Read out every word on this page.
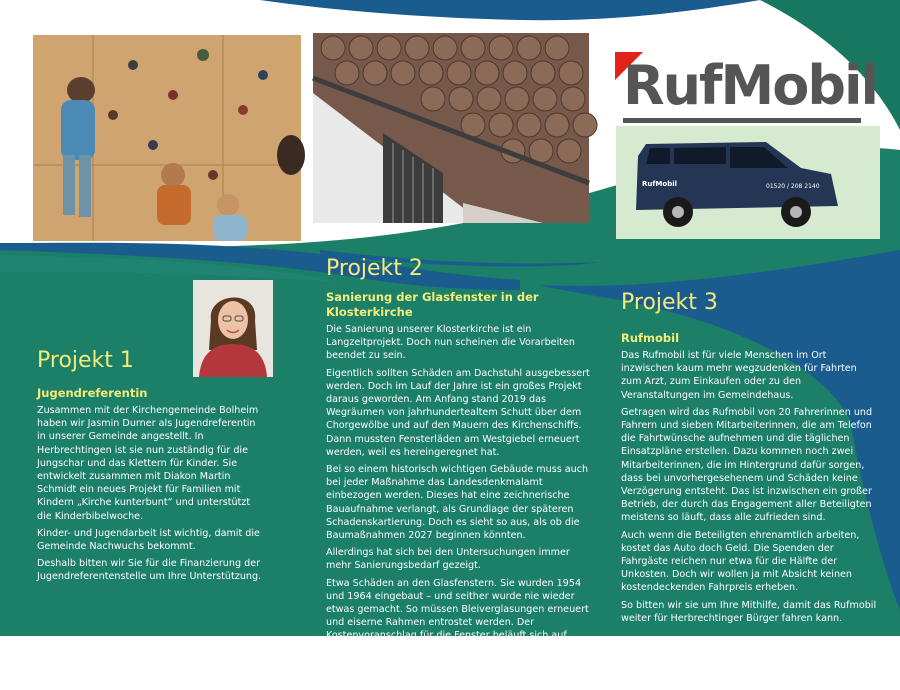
RufMobil
01520 / 208 2140
RufMobil
Projekt 1
Jugendreferentin

Zusammen mit der Kirchengemeinde Bolheim haben wir Jasmin Durner als Jugendreferentin in unserer Gemeinde angestellt. In Herbrechtingen ist sie nun zuständig für die Jungschar und das Klettern für Kinder. Sie entwickelt zusammen mit Diakon Martin Schmidt ein neues Projekt für Familien mit Kindern „Kirche kunterbunt“ und unterstützt die Kinderbibelwoche.

Kinder- und Jugendarbeit ist wichtig, damit die Gemeinde Nachwuchs bekommt.

Deshalb bitten wir Sie für die Finanzierung der Jugendreferentenstelle um Ihre Unterstützung.

Projekt 2
Sanierung der Glasfenster in der Klosterkirche

Die Sanierung unserer Klosterkirche ist ein Langzeitprojekt. Doch nun scheinen die Vorarbeiten beendet zu sein.

Eigentlich sollten Schäden am Dachstuhl ausgebessert werden. Doch im Lauf der Jahre ist ein großes Projekt daraus geworden. Am Anfang stand 2019 das Wegräumen von jahrhundertealtem Schutt über dem Chorgewölbe und auf den Mauern des Kirchenschiffs. Dann mussten Fensterläden am Westgiebel erneuert werden, weil es hereingeregnet hat.

Bei so einem historisch wichtigen Gebäude muss auch bei jeder Maßnahme das Landesdenkmalamt einbezogen werden. Dieses hat eine zeichnerische Bauaufnahme verlangt, als Grundlage der späteren Schadenskartierung. Doch es sieht so aus, als ob die Baumaßnahmen 2027 beginnen könnten.

Allerdings hat sich bei den Untersuchungen immer mehr Sanierungsbedarf gezeigt.

Etwa Schäden an den Glasfenstern. Sie wurden 1954 und 1964 eingebaut – und seither wurde nie wieder etwas gemacht. So müssen Bleiverglasungen erneuert und eiserne Rahmen entrostet werden. Der Kostenvoranschlag für die Fenster beläuft sich auf 19.544,00 €.

Für diese Maßnahme bitten wir heute um Ihre Unterstützung.

Projekt 3
Rufmobil

Das Rufmobil ist für viele Menschen im Ort inzwischen kaum mehr wegzudenken für Fahrten zum Arzt, zum Einkaufen oder zu den Veranstaltungen im Gemeindehaus.

Getragen wird das Rufmobil von 20 Fahrerinnen und Fahrern und sieben Mitarbeiterinnen, die am Telefon die Fahrtwünsche aufnehmen und die täglichen Einsatzpläne erstellen. Dazu kommen noch zwei Mitarbeiterinnen, die im Hintergrund dafür sorgen, dass bei unvorhergesehenem und Schäden keine Verzögerung entsteht. Das ist inzwischen ein großer Betrieb, der durch das Engagement aller Beteiligten meistens so läuft, dass alle zufrieden sind.

Auch wenn die Beteiligten ehrenamtlich arbeiten, kostet das Auto doch Geld. Die Spenden der Fahrgäste reichen nur etwa für die Hälfte der Unkosten. Doch wir wollen ja mit Absicht keinen kostendeckenden Fahrpreis erheben.

So bitten wir sie um Ihre Mithilfe, damit das Rufmobil weiter für Herbrechtinger Bürger fahren kann.
